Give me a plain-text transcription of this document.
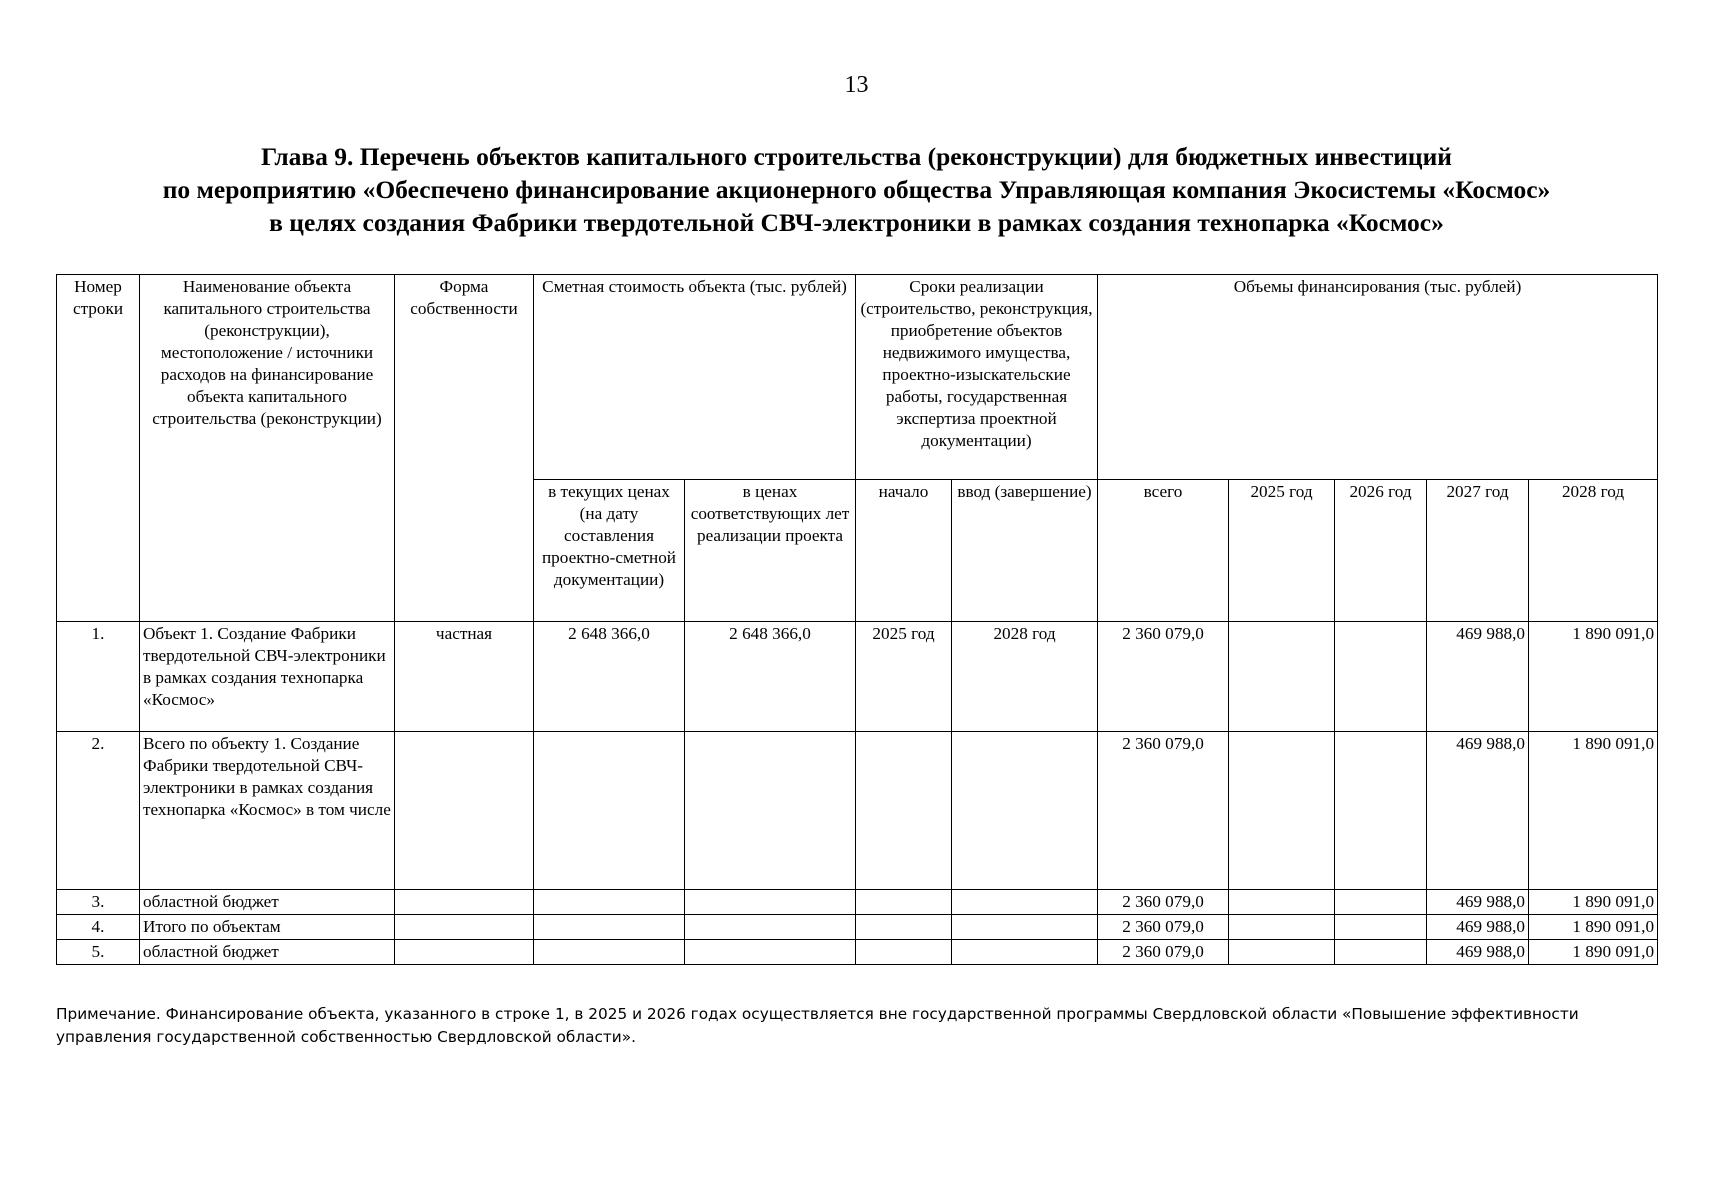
13
Глава 9. Перечень объектов капитального строительства (реконструкции) для бюджетных инвестиций
по мероприятию «Обеспечено финансирование акционерного общества Управляющая компания Экосистемы «Космос»
в целях создания Фабрики твердотельной СВЧ-электроники в рамках создания технопарка «Космос»
Номер строки	Наименование объекта капитального строительства (реконструкции), местоположение / источники расходов на финансирование объекта капитального строительства (реконструкции)	Форма собственности	Сметная стоимость объекта (тыс. рублей)		Сроки реализации (строительство, реконструкция, приобретение объектов недвижимого имущества, проектно-изыскательские работы, государственная экспертиза проектной документации)		Объемы финансирования (тыс. рублей)				
			в текущих ценах (на дату составления проектно-сметной документации)	в ценах соответствующих лет реализации проекта	начало	ввод (завершение)	всего	2025 год	2026 год	2027 год	2028 год
1.	Объект 1. Создание Фабрики твердотельной СВЧ-электроники в рамках создания технопарка «Космос»	частная	2 648 366,0	2 648 366,0	2025 год	2028 год	2 360 079,0			469 988,0	1 890 091,0
2.	Всего по объекту 1. Создание Фабрики твердотельной СВЧ-электроники в рамках создания технопарка «Космос» в том числе						2 360 079,0			469 988,0	1 890 091,0
3.	областной бюджет						2 360 079,0			469 988,0	1 890 091,0
4.	Итого по объектам						2 360 079,0			469 988,0	1 890 091,0
5.	областной бюджет						2 360 079,0			469 988,0	1 890 091,0
Примечание. Финансирование объекта, указанного в строке 1, в 2025 и 2026 годах осуществляется вне государственной программы Свердловской области «Повышение эффективности управления государственной собственностью Свердловской области».
